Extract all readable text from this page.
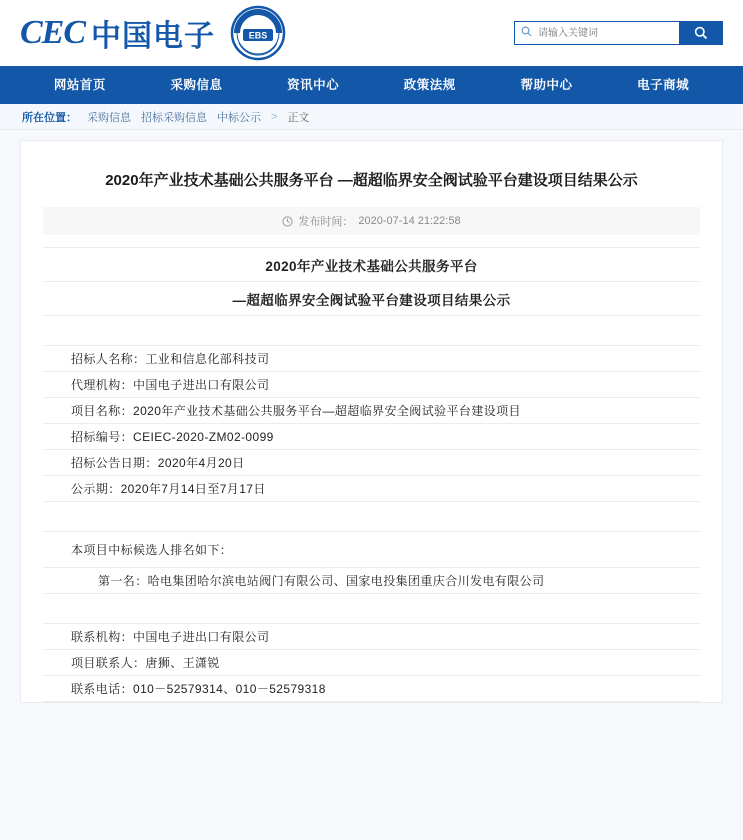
CEC 中国电子	EBS
请输入关键词
网站首页	采购信息	资讯中心	政策法规	帮助中心	电子商城
所在位置： 采购信息 招标采购信息 中标公示 > 正文
2020年产业技术基础公共服务平台 —超超临界安全阀试验平台建设项目结果公示
发布时间： 2020-07-14 21:22:58
2020年产业技术基础公共服务平台
—超超临界安全阀试验平台建设项目结果公示
招标人名称：工业和信息化部科技司
代理机构：中国电子进出口有限公司
项目名称：2020年产业技术基础公共服务平台—超超临界安全阀试验平台建设项目
招标编号：CEIEC-2020-ZM02-0099
招标公告日期：2020年4月20日
公示期：2020年7月14日至7月17日
本项目中标候选人排名如下：
第一名：哈电集团哈尔滨电站阀门有限公司、国家电投集团重庆合川发电有限公司
联系机构：中国电子进出口有限公司
项目联系人：唐狮、王潇锐
联系电话：010－52579314、010－52579318
